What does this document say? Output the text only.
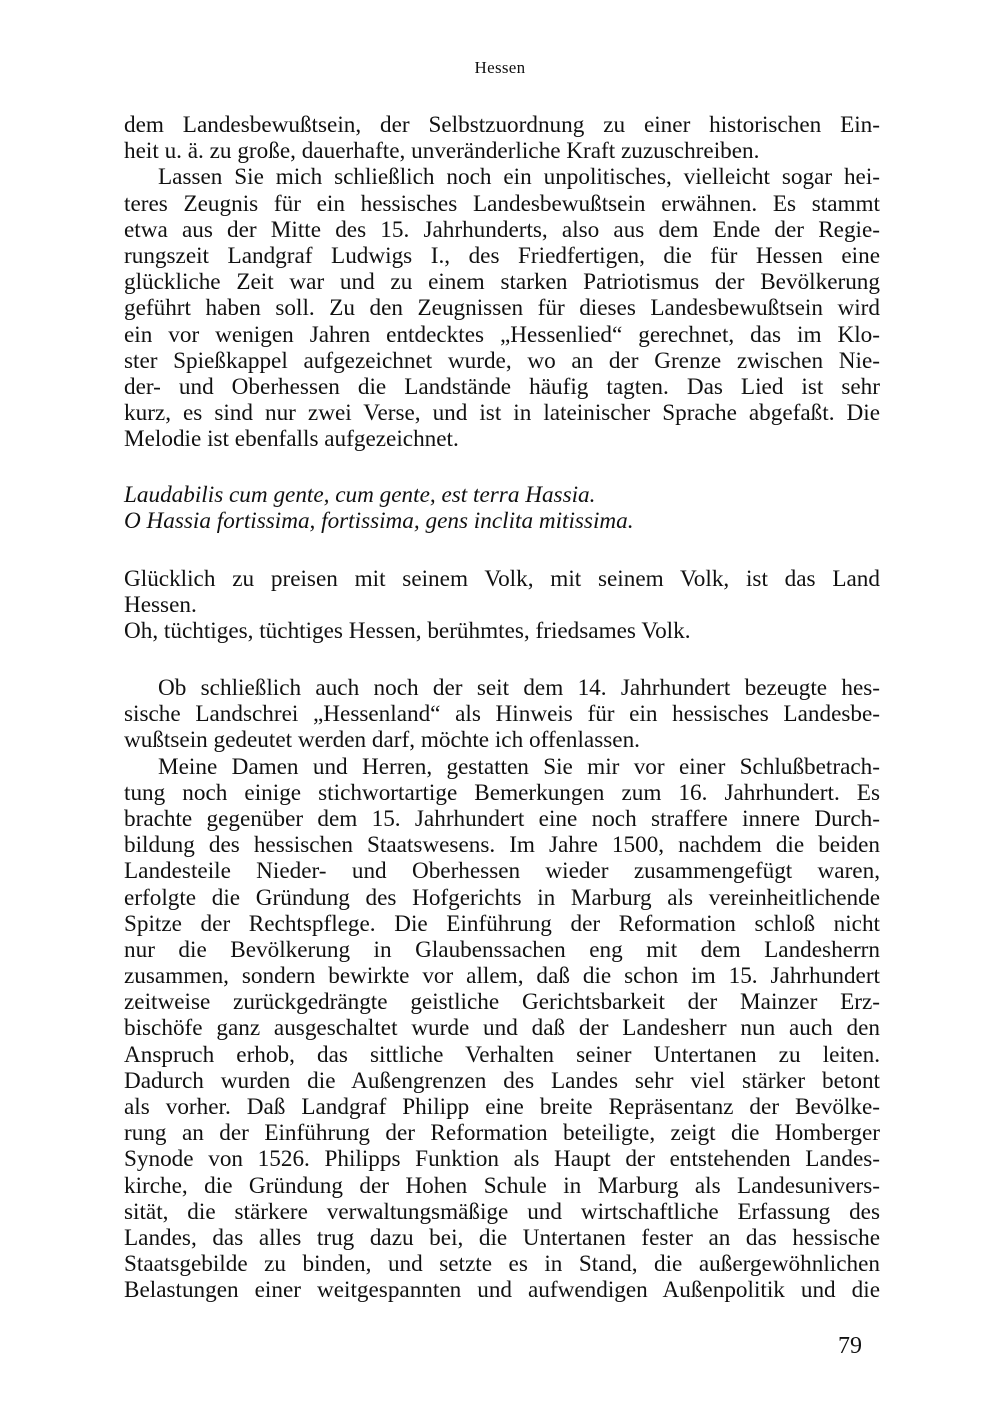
Hessen
dem Landesbewußtsein, der Selbstzuordnung zu einer historischen Ein-
heit u. ä. zu große, dauerhafte, unveränderliche Kraft zuzuschreiben.
Lassen Sie mich schließlich noch ein unpolitisches, vielleicht sogar hei-
teres Zeugnis für ein hessisches Landesbewußtsein erwähnen. Es stammt
etwa aus der Mitte des 15. Jahrhunderts, also aus dem Ende der Regie-
rungszeit Landgraf Ludwigs I., des Friedfertigen, die für Hessen eine
glückliche Zeit war und zu einem starken Patriotismus der Bevölkerung
geführt haben soll. Zu den Zeugnissen für dieses Landesbewußtsein wird
ein vor wenigen Jahren entdecktes „Hessenlied“ gerechnet, das im Klo-
ster Spießkappel aufgezeichnet wurde, wo an der Grenze zwischen Nie-
der- und Oberhessen die Landstände häufig tagten. Das Lied ist sehr
kurz, es sind nur zwei Verse, und ist in lateinischer Sprache abgefaßt. Die
Melodie ist ebenfalls aufgezeichnet.
Laudabilis cum gente, cum gente, est terra Hassia.
O Hassia fortissima, fortissima, gens inclita mitissima.
Glücklich zu preisen mit seinem Volk, mit seinem Volk, ist das Land
Hessen.
Oh, tüchtiges, tüchtiges Hessen, berühmtes, friedsames Volk.
Ob schließlich auch noch der seit dem 14. Jahrhundert bezeugte hes-
sische Landschrei „Hessenland“ als Hinweis für ein hessisches Landesbe-
wußtsein gedeutet werden darf, möchte ich offenlassen.
Meine Damen und Herren, gestatten Sie mir vor einer Schlußbetrach-
tung noch einige stichwortartige Bemerkungen zum 16. Jahrhundert. Es
brachte gegenüber dem 15. Jahrhundert eine noch straffere innere Durch-
bildung des hessischen Staatswesens. Im Jahre 1500, nachdem die beiden
Landesteile Nieder- und Oberhessen wieder zusammengefügt waren,
erfolgte die Gründung des Hofgerichts in Marburg als vereinheitlichende
Spitze der Rechtspflege. Die Einführung der Reformation schloß nicht
nur die Bevölkerung in Glaubenssachen eng mit dem Landesherrn
zusammen, sondern bewirkte vor allem, daß die schon im 15. Jahrhundert
zeitweise zurückgedrängte geistliche Gerichtsbarkeit der Mainzer Erz-
bischöfe ganz ausgeschaltet wurde und daß der Landesherr nun auch den
Anspruch erhob, das sittliche Verhalten seiner Untertanen zu leiten.
Dadurch wurden die Außengrenzen des Landes sehr viel stärker betont
als vorher. Daß Landgraf Philipp eine breite Repräsentanz der Bevölke-
rung an der Einführung der Reformation beteiligte, zeigt die Homberger
Synode von 1526. Philipps Funktion als Haupt der entstehenden Landes-
kirche, die Gründung der Hohen Schule in Marburg als Landesunivers-
sität, die stärkere verwaltungsmäßige und wirtschaftliche Erfassung des
Landes, das alles trug dazu bei, die Untertanen fester an das hessische
Staatsgebilde zu binden, und setzte es in Stand, die außergewöhnlichen
Belastungen einer weitgespannten und aufwendigen Außenpolitik und die
79
